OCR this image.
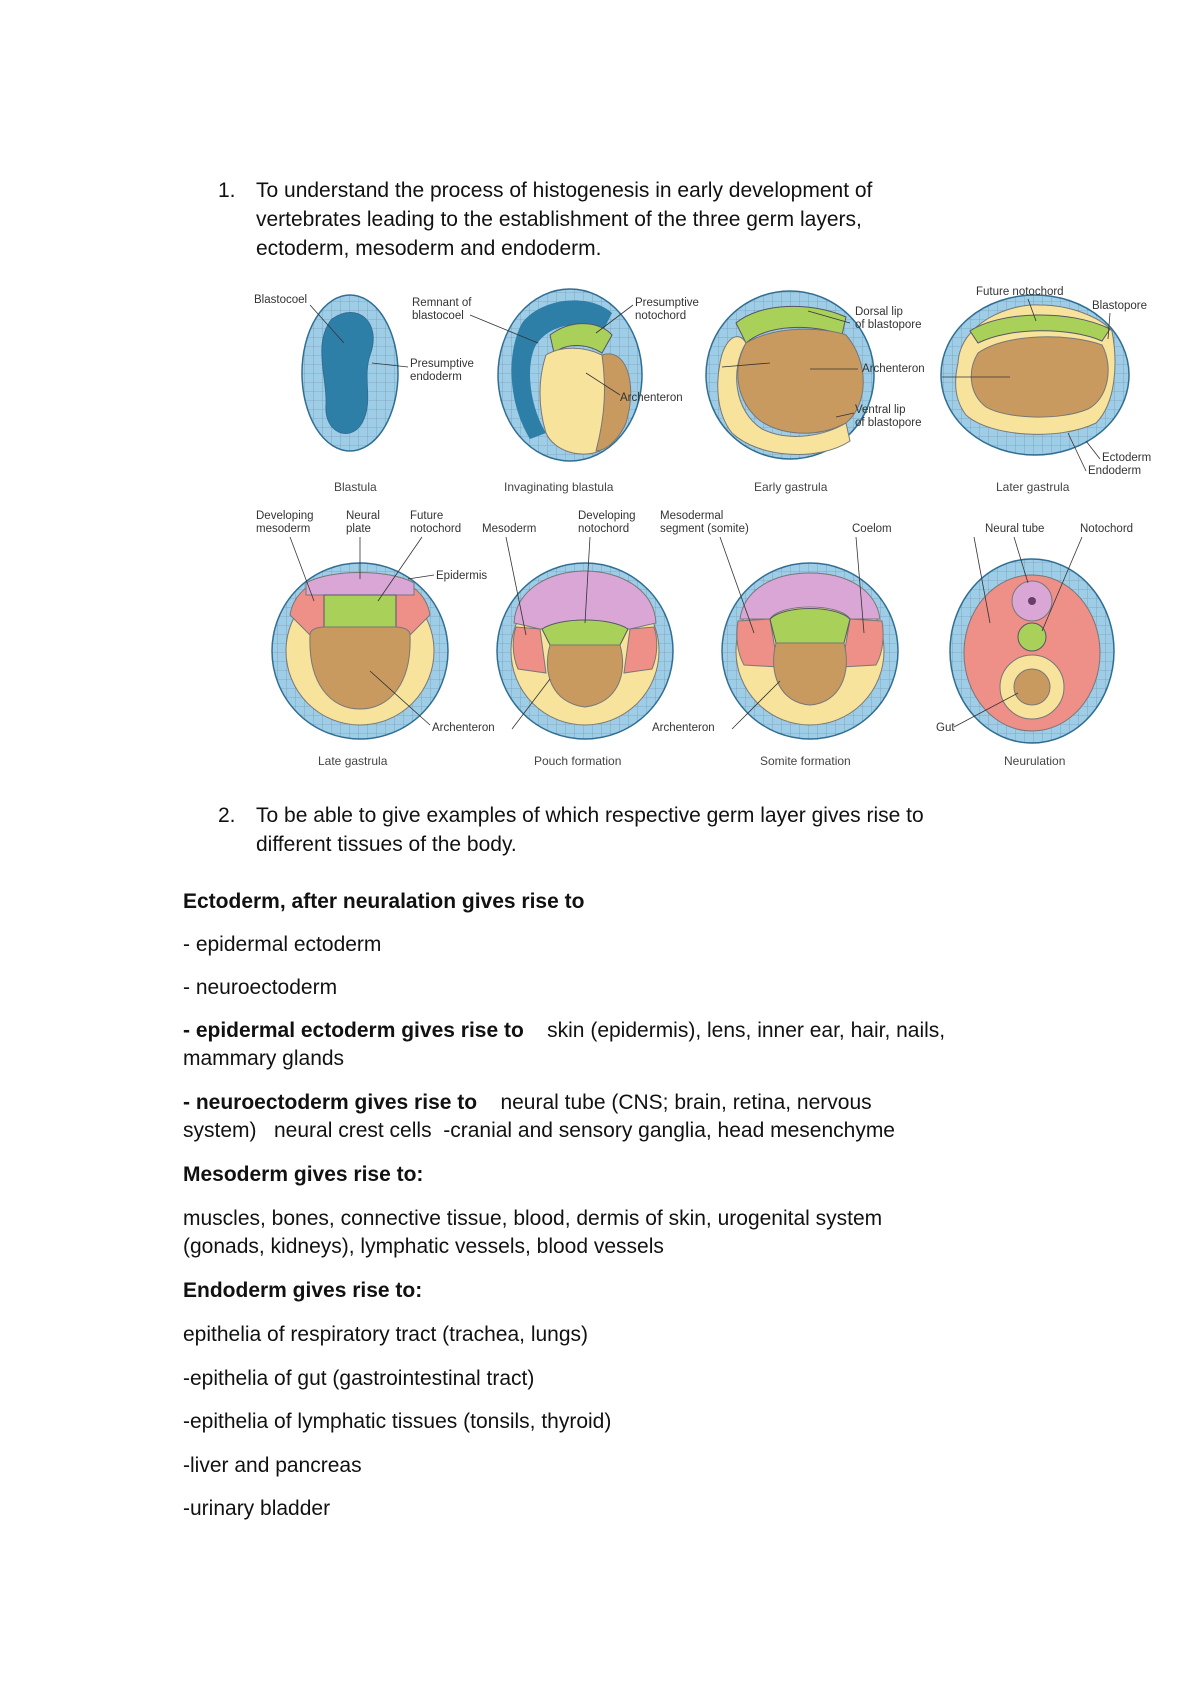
1. To understand the process of histogenesis in early development of
vertebrates leading to the establishment of the three germ layers,
ectoderm, mesoderm and endoderm.
Blastocoel
Presumptive
endoderm
Blastula
Remnant of
blastocoel
Presumptive
notochord
Archenteron
Invaginating blastula
Dorsal lip
of blastopore
Archenteron
Ventral lip
of blastopore
Early gastrula
Future notochord
Blastopore
Ectoderm
Endoderm
Later gastrula
Developing
mesoderm
Neural
plate
Future
notochord
Epidermis
Archenteron
Late gastrula
Mesoderm
Developing
notochord
Pouch formation
Mesodermal
segment (somite)	Coelom
Archenteron
Somite formation
Neural tube	Notochord
Gut
Neurulation
2. To be able to give examples of which respective germ layer gives rise to
different tissues of the body.
Ectoderm, after neuralation gives rise to
- epidermal ectoderm
- neuroectoderm
- epidermal ectoderm gives rise to skin (epidermis), lens, inner ear, hair, nails,
mammary glands
- neuroectoderm gives rise to neural tube (CNS; brain, retina, nervous
system)   neural crest cells  -cranial and sensory ganglia, head mesenchyme
Mesoderm gives rise to:
muscles, bones, connective tissue, blood, dermis of skin, urogenital system
(gonads, kidneys), lymphatic vessels, blood vessels
Endoderm gives rise to:
epithelia of respiratory tract (trachea, lungs)
-epithelia of gut (gastrointestinal tract)
-epithelia of lymphatic tissues (tonsils, thyroid)
-liver and pancreas
-urinary bladder
